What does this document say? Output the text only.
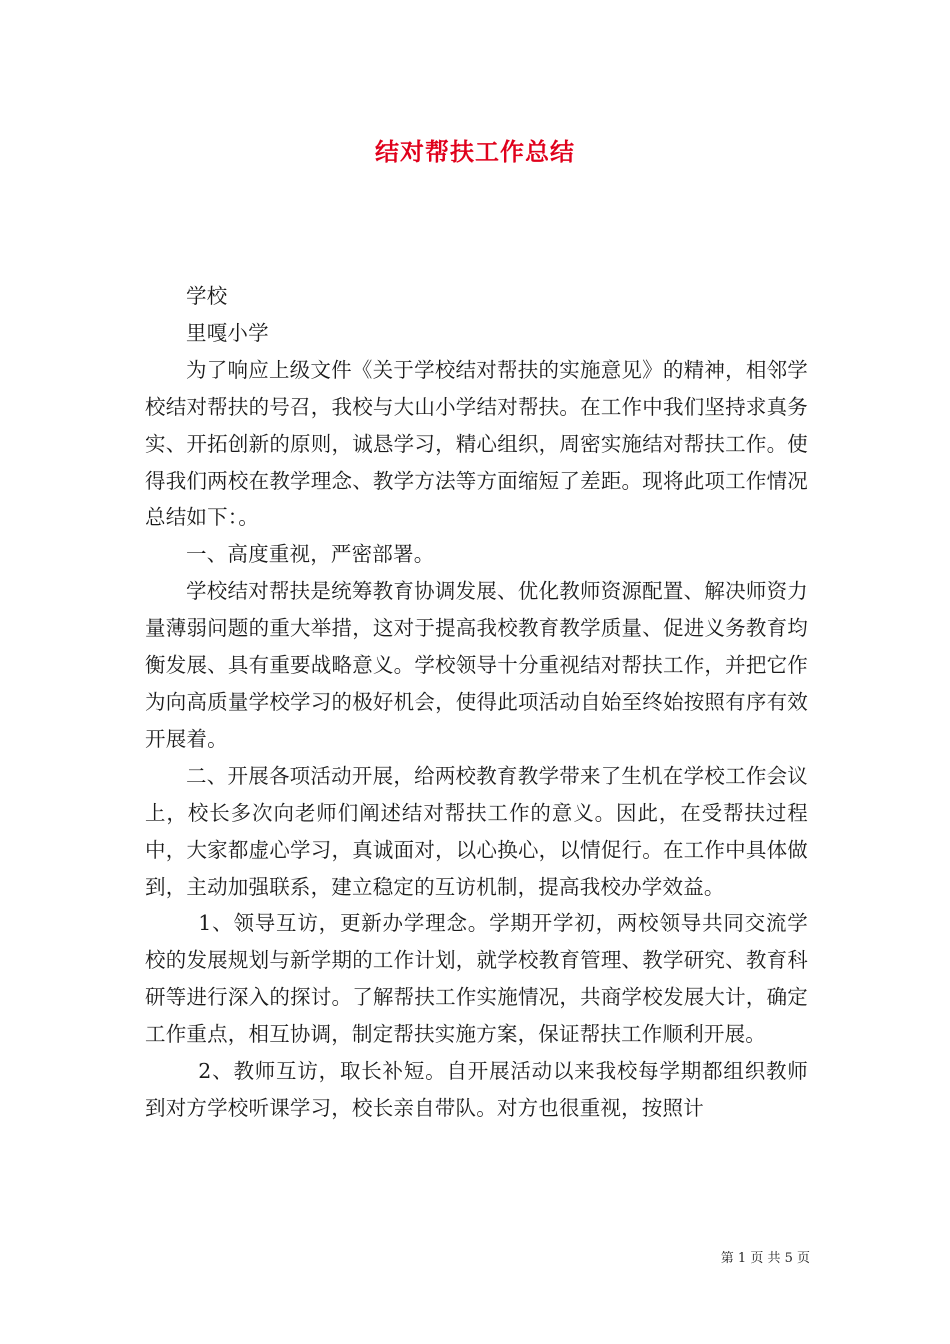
结对帮扶工作总结

学校

里嘎小学

为了响应上级文件《关于学校结对帮扶的实施意见》的精神，相邻学校结对帮扶的号召，我校与大山小学结对帮扶。在工作中我们坚持求真务实、开拓创新的原则，诚恳学习，精心组织，周密实施结对帮扶工作。使得我们两校在教学理念、教学方法等方面缩短了差距。现将此项工作情况总结如下：。

一、高度重视，严密部署。

学校结对帮扶是统筹教育协调发展、优化教师资源配置、解决师资力量薄弱问题的重大举措，这对于提高我校教育教学质量、促进义务教育均衡发展、具有重要战略意义。学校领导十分重视结对帮扶工作，并把它作为向高质量学校学习的极好机会，使得此项活动自始至终始按照有序有效开展着。

二、开展各项活动开展，给两校教育教学带来了生机在学校工作会议上，校长多次向老师们阐述结对帮扶工作的意义。因此，在受帮扶过程中，大家都虚心学习，真诚面对，以心换心，以情促行。在工作中具体做到，主动加强联系，建立稳定的互访机制，提高我校办学效益。

1、领导互访，更新办学理念。学期开学初，两校领导共同交流学校的发展规划与新学期的工作计划，就学校教育管理、教学研究、教育科研等进行深入的探讨。了解帮扶工作实施情况，共商学校发展大计，确定工作重点，相互协调，制定帮扶实施方案，保证帮扶工作顺利开展。

2、教师互访，取长补短。自开展活动以来我校每学期都组织教师到对方学校听课学习，校长亲自带队。对方也很重视，按照计

第 1 页 共 5 页
